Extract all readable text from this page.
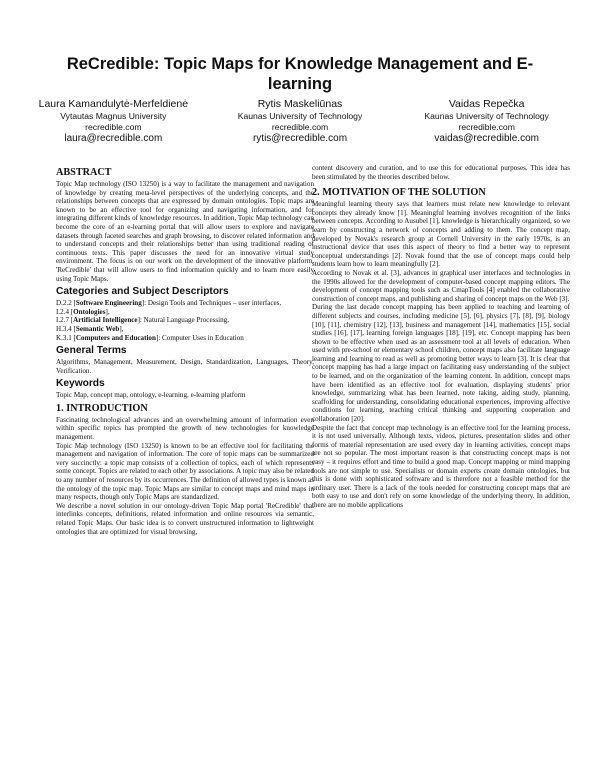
ReCredible: Topic Maps for Knowledge Management and E-learning
Laura Kamandulytė-Merfeldienė
Vytautas Magnus University
recredible.com
laura@recredible.com
Rytis Maskeliūnas
Kaunas University of Technology
recredible.com
rytis@recredible.com
Vaidas Repečka
Kaunas University of Technology
recredible.com
vaidas@recredible.com
ABSTRACT

Topic Map technology (ISO 13250) is a way to facilitate the management and navigation of knowledge by creating meta-level perspectives of the underlying concepts, and the relationships between concepts that are expressed by domain ontologies. Topic maps are known to be an effective tool for organizing and navigating information, and for integrating different kinds of knowledge resources. In addition, Topic Map technology can become the core of an e-learning portal that will allow users to explore and navigate datasets through faceted searches and graph browsing, to discover related information and to understand concepts and their relationships better than using traditional reading of continuous texts. This paper discusses the need for an innovative virtual study environment. The focus is on our work on the development of the innovative platform, 'ReCredible' that will allow users to find information quickly and to learn more easily using Topic Maps.

Categories and Subject Descriptors

D.2.2 [Software Engineering]: Design Tools and Techniques – user interfaces,

I.2.4 [Ontologies],

I.2.7 [Artificial Intelligence]: Natural Language Processing,

H.3.4 [Semantic Web],

K.3.1 [Computers and Education]: Computer Uses in Education

General Terms

Algorithms, Management, Measurement, Design, Standardization, Languages, Theory, Verification.

Keywords

Topic Map, concept map, ontology, e-learning, e-learning platform

1. INTRODUCTION

Fascinating technological advances and an overwhelming amount of information even within specific topics has prompted the growth of new technologies for knowledge management.

Topic Map technology (ISO 13250) is known to be an effective tool for facilitating the management and navigation of information. The core of topic maps can be summarized very succinctly: a topic map consists of a collection of topics, each of which represents some concept. Topics are related to each other by associations. A topic may also be related to any number of resources by its occurrences. The definition of allowed types is known as the ontology of the topic map. Topic Maps are similar to concept maps and mind maps in many respects, though only Topic Maps are standardized.

We describe a novel solution in our ontology-driven Topic Map portal 'ReCredible' that interlinks concepts, definitions, related information and online resources via semantic, related Topic Maps. Our basic idea is to convert unstructured information to lightweight ontologies that are optimized for visual browsing,

content discovery and curation, and to use this for educational purposes. This idea has been stimulated by the theories described below.

2. MOTIVATION OF THE SOLUTION

Meaningful learning theory says that learners must relate new knowledge to relevant concepts they already know [1]. Meaningful learning involves recognition of the links between concepts. According to Ausubel [1], knowledge is hierarchically organized, so we learn by constructing a network of concepts and adding to them. The concept map, developed by Novak's research group at Cornell University in the early 1970s, is an instructional device that uses this aspect of theory to find a better way to represent conceptual understandings [2]. Novak found that the use of concept maps could help students learn how to learn meaningfully [2].

According to Novak et al. [3], advances in graphical user interfaces and technologies in the 1990s allowed for the development of computer-based concept mapping editors. The development of concept mapping tools such as CmapTools [4] enabled the collaborative construction of concept maps, and publishing and sharing of concept maps on the Web [3].

During the last decade concept mapping has been applied to teaching and learning of different subjects and courses, including medicine [5], [6], physics [7], [8], [9], biology [10], [11], chemistry [12], [13], business and management [14], mathematics [15], social studies [16], [17], learning foreign languages [18], [19], etc. Concept mapping has been shown to be effective when used as an assessment tool at all levels of education. When used with pre-school or elementary school children, concept maps also facilitate language learning and learning to read as well as promoting better ways to learn [3]. It is clear that concept mapping has had a large impact on facilitating easy understanding of the subject to be learned, and on the organization of the learning content. In addition, concept maps have been identified as an effective tool for evaluation, displaying students' prior knowledge, summarizing what has been learned, note taking, aiding study, planning, scaffolding for understanding, consolidating educational experiences, improving affective conditions for learning, teaching critical thinking and supporting cooperation and collaboration [20].

Despite the fact that concept map technology is an effective tool for the learning process, it is not used universally. Although texts, videos, pictures, presentation slides and other forms of material representation are used every day in learning activities, concept maps are not so popular. The most important reason is that constructing concept maps is not easy – it requires effort and time to build a good map. Concept mapping or mind mapping tools are not simple to use. Specialists or domain experts create domain ontologies, but this is done with sophisticated software and is therefore not a feasible method for the ordinary user. There is a lack of the tools needed for constructing concept maps that are both easy to use and don't rely on some knowledge of the underlying theory. In addition, there are no mobile applications
